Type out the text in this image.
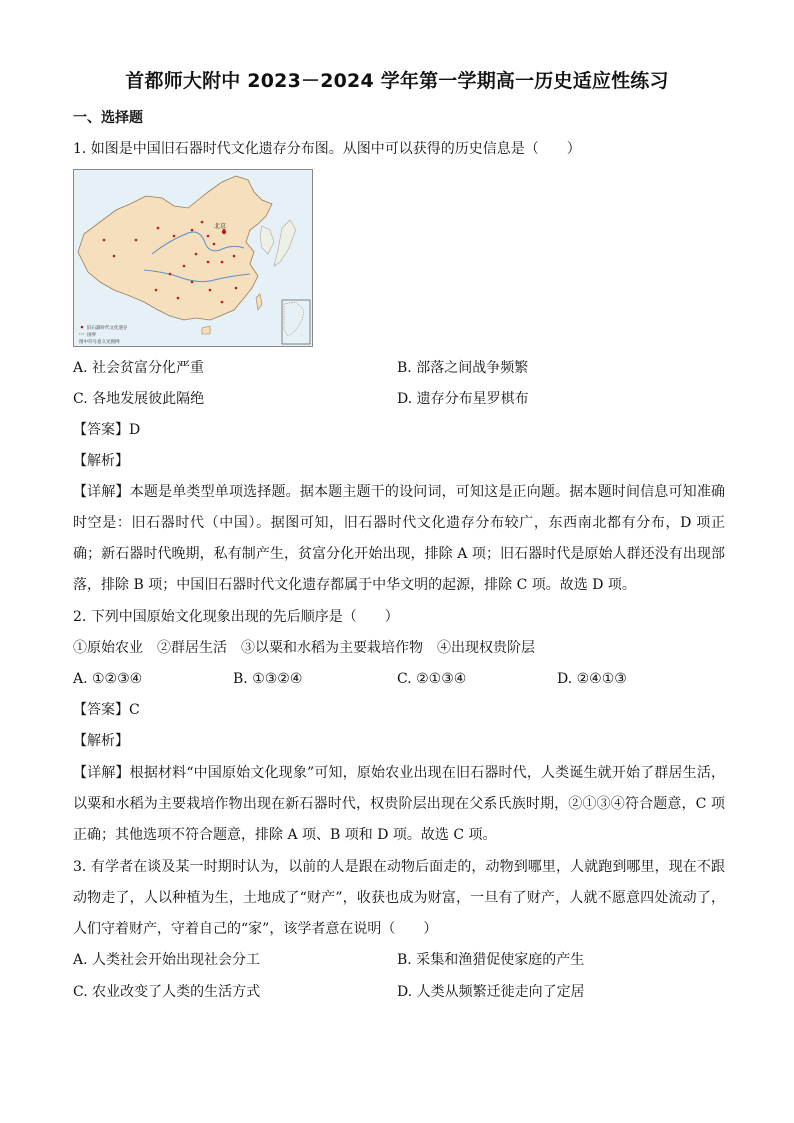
首都师大附中 2023－2024 学年第一学期高一历史适应性练习
一、选择题
1. 如图是中国旧石器时代文化遗存分布图。从图中可以获得的历史信息是（　　）
北京
旧石器时代文化遗存
国界
图中符号意义见图例
A. 社会贫富分化严重	B. 部落之间战争频繁
C. 各地发展彼此隔绝	D. 遗存分布星罗棋布
【答案】D
【解析】
【详解】本题是单类型单项选择题。据本题主题干的设问词，可知这是正向题。据本题时间信息可知准确时空是：旧石器时代（中国）。据图可知，旧石器时代文化遗存分布较广，东西南北都有分布，D 项正确；新石器时代晚期，私有制产生，贫富分化开始出现，排除 A 项；旧石器时代是原始人群还没有出现部落，排除 B 项；中国旧石器时代文化遗存都属于中华文明的起源，排除 C 项。故选 D 项。
2. 下列中国原始文化现象出现的先后顺序是（　　）
①原始农业　②群居生活　③以粟和水稻为主要栽培作物　④出现权贵阶层
A. ①②③④	B. ①③②④	C. ②①③④	D. ②④①③
【答案】C
【解析】
【详解】根据材料“中国原始文化现象”可知，原始农业出现在旧石器时代，人类诞生就开始了群居生活，以粟和水稻为主要栽培作物出现在新石器时代，权贵阶层出现在父系氏族时期，②①③④符合题意，C 项正确；其他选项不符合题意，排除 A 项、B 项和 D 项。故选 C 项。
3. 有学者在谈及某一时期时认为，以前的人是跟在动物后面走的，动物到哪里，人就跑到哪里，现在不跟动物走了，人以种植为生，土地成了“财产”，收获也成为财富，一旦有了财产，人就不愿意四处流动了，人们守着财产，守着自己的“家”，该学者意在说明（　　）
A. 人类社会开始出现社会分工	B. 采集和渔猎促使家庭的产生
C. 农业改变了人类的生活方式	D. 人类从频繁迁徙走向了定居
